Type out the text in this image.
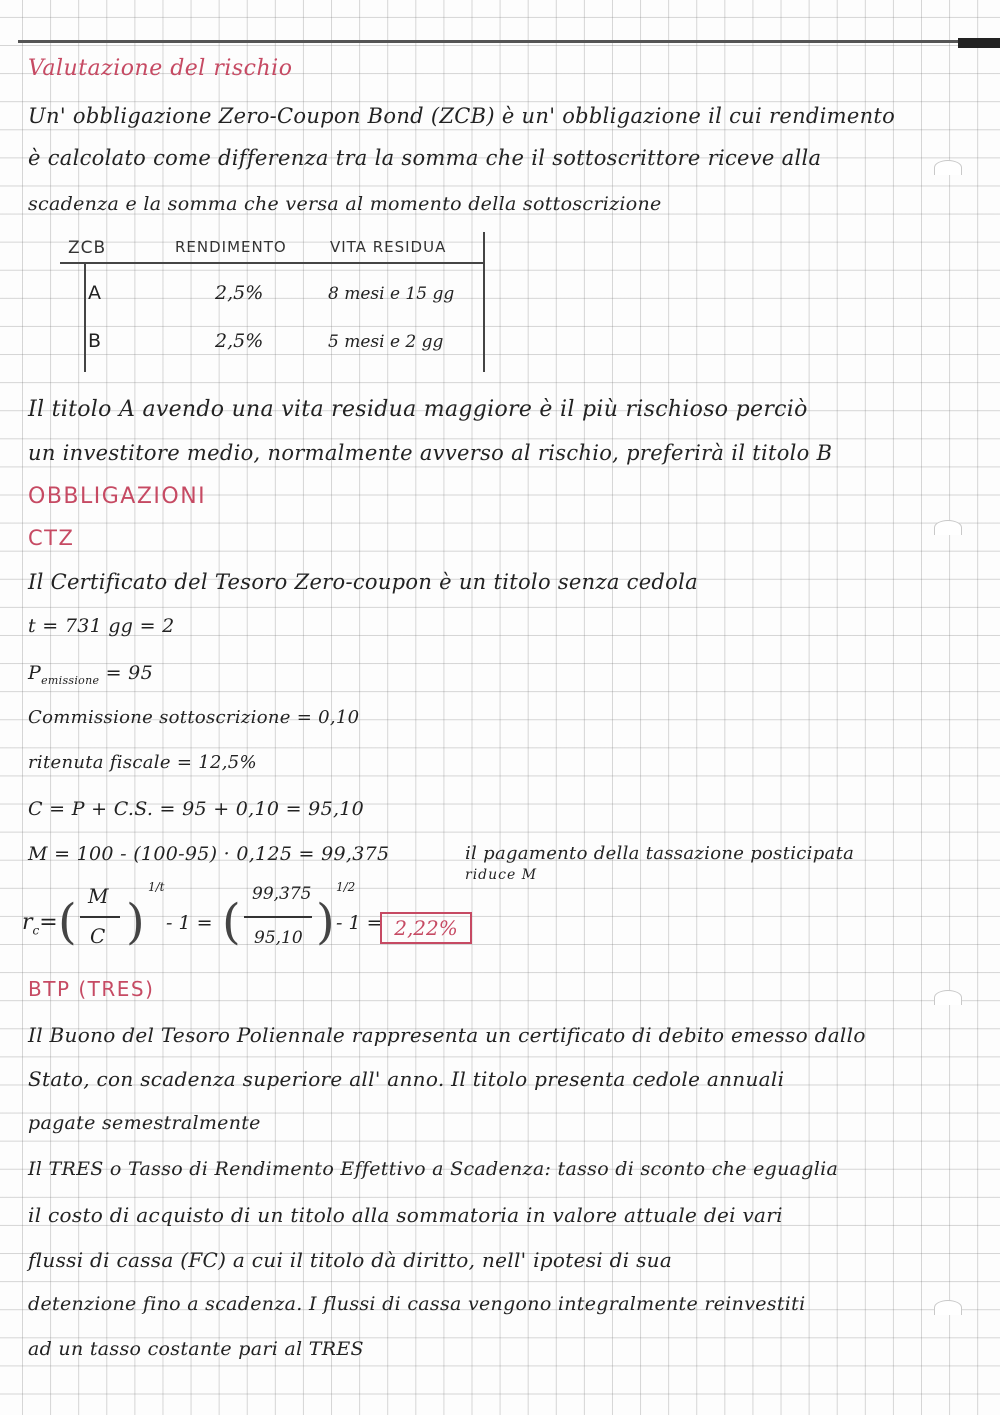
Valutazione del rischio
Un' obbligazione Zero-Coupon Bond (ZCB) è un' obbligazione il cui rendimento
è calcolato come differenza tra la somma che il sottoscrittore riceve alla
scadenza e la somma che versa al momento della sottoscrizione
ZCB	RENDIMENTO	VITA RESIDUA
A	2,5%	8 mesi e 15 gg
B	2,5%	5 mesi e 2 gg
Il titolo A avendo una vita residua maggiore è il più rischioso perciò
un investitore medio, normalmente avverso al rischio, preferirà il titolo B
OBBLIGAZIONI
CTZ
Il Certificato del Tesoro Zero-coupon è un titolo senza cedola
t = 731 gg = 2
$P_{emissione} = 95$
Commissione sottoscrizione = 0,10
ritenuta fiscale = 12,5%
C = P + C.S. = 95 + 0,10 = 95,10
M = 100 - (100-95) · 0,125 = 99,375	il pagamento della tassazione posticipata
riduce M
$r_c=$ ( M
C )
1/t
- 1 = ( 99,375
95,10 )
1/2
- 1 = 2,22%
BTP (TRES)
Il Buono del Tesoro Poliennale rappresenta un certificato di debito emesso dallo
Stato, con scadenza superiore all' anno. Il titolo presenta cedole annuali
pagate semestralmente
Il TRES o Tasso di Rendimento Effettivo a Scadenza: tasso di sconto che eguaglia
il costo di acquisto di un titolo alla sommatoria in valore attuale dei vari
flussi di cassa (FC) a cui il titolo dà diritto, nell' ipotesi di sua
detenzione fino a scadenza. I flussi di cassa vengono integralmente reinvestiti
ad un tasso costante pari al TRES
